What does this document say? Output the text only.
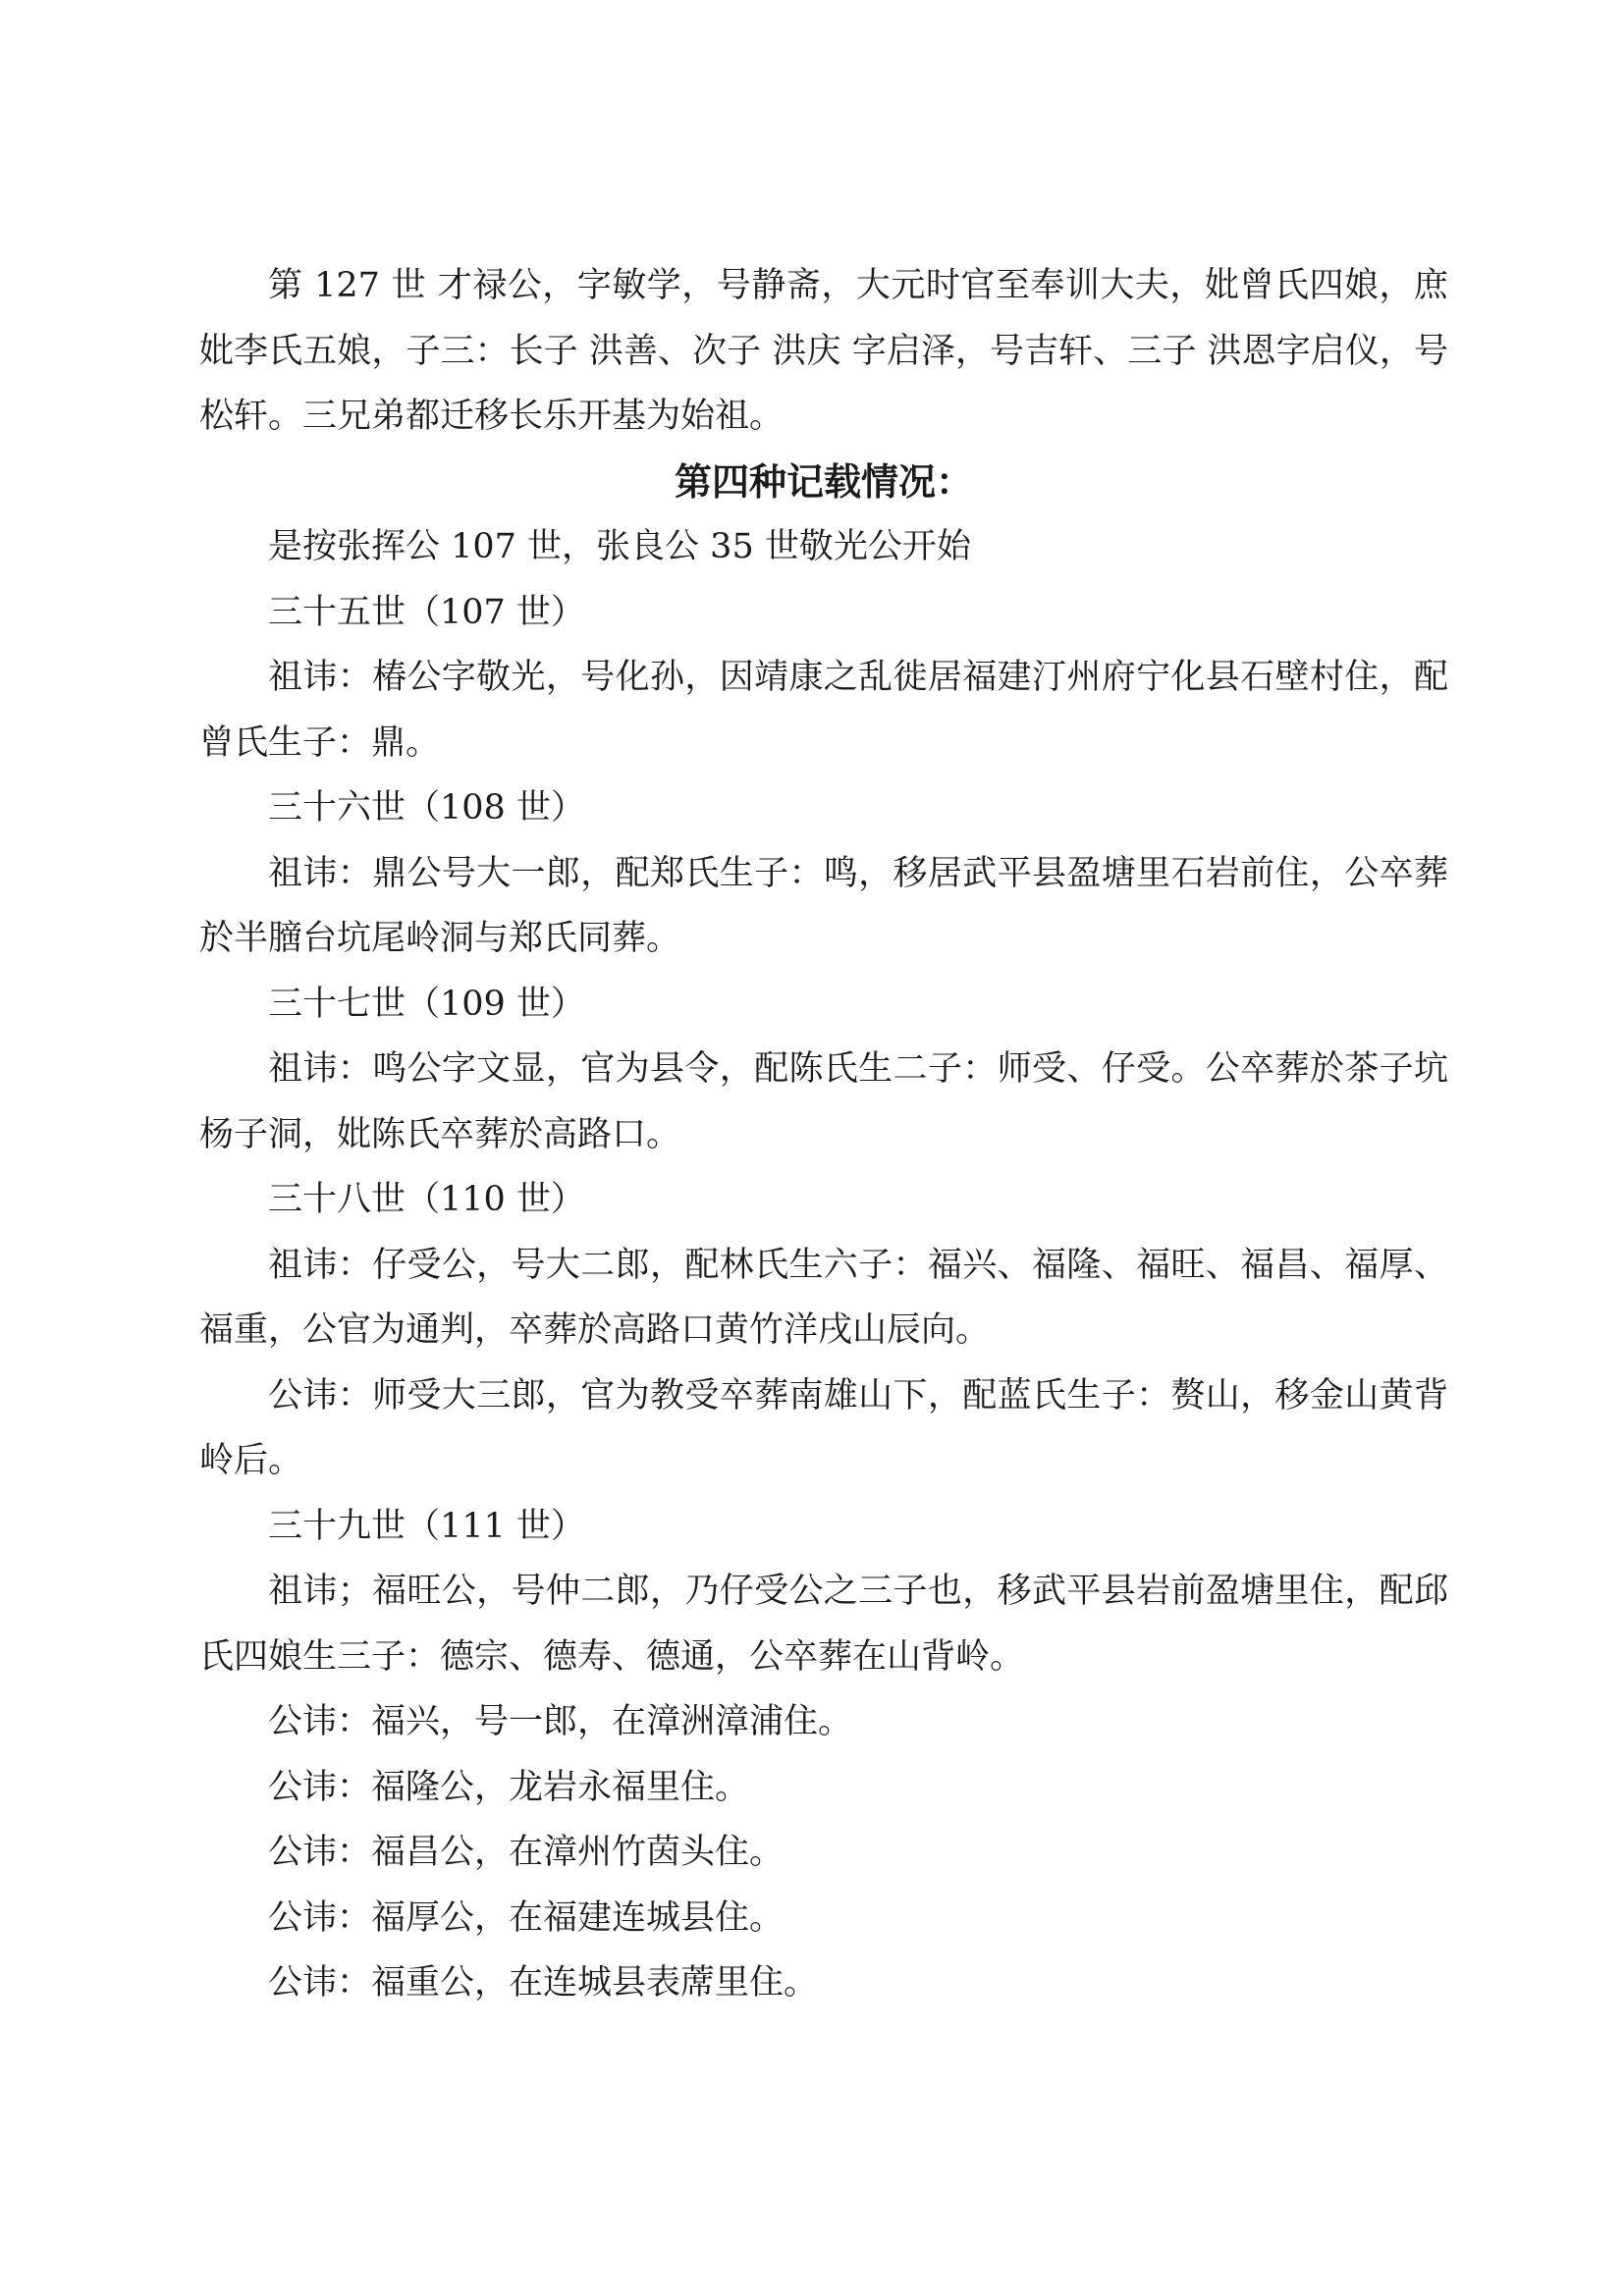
第 127 世 才禄公，字敏学，号静斋，大元时官至奉训大夫，妣曾氏四娘，庶妣李氏五娘，子三：长子 洪善、次子 洪庆 字启泽，号吉轩、三子 洪恩字启仪，号松轩。三兄弟都迁移长乐开基为始祖。

第四种记载情况：

是按张挥公 107 世，张良公 35 世敬光公开始

三十五世（107 世）

祖讳：椿公字敬光，号化孙，因靖康之乱徙居福建汀州府宁化县石壁村住，配曾氏生子：鼎。

三十六世（108 世）

祖讳：鼎公号大一郎，配郑氏生子：鸣，移居武平县盈塘里石岩前住，公卒葬於半膪台坑尾岭洞与郑氏同葬。

三十七世（109 世）

祖讳：鸣公字文显，官为县令，配陈氏生二子：师受、仔受。公卒葬於茶子坑杨子洞，妣陈氏卒葬於高路口。

三十八世（110 世）

祖讳：仔受公，号大二郎，配林氏生六子：福兴、福隆、福旺、福昌、福厚、福重，公官为通判，卒葬於高路口黄竹洋戌山辰向。

公讳：师受大三郎，官为教受卒葬南雄山下，配蓝氏生子：赘山，移金山黄背岭后。

三十九世（111 世）

祖讳；福旺公，号仲二郎，乃仔受公之三子也，移武平县岩前盈塘里住，配邱氏四娘生三子：德宗、德寿、德通，公卒葬在山背岭。

公讳：福兴，号一郎，在漳洲漳浦住。

公讳：福隆公，龙岩永福里住。

公讳：福昌公，在漳州竹茵头住。

公讳：福厚公，在福建连城县住。

公讳：福重公，在连城县表蓆里住。
